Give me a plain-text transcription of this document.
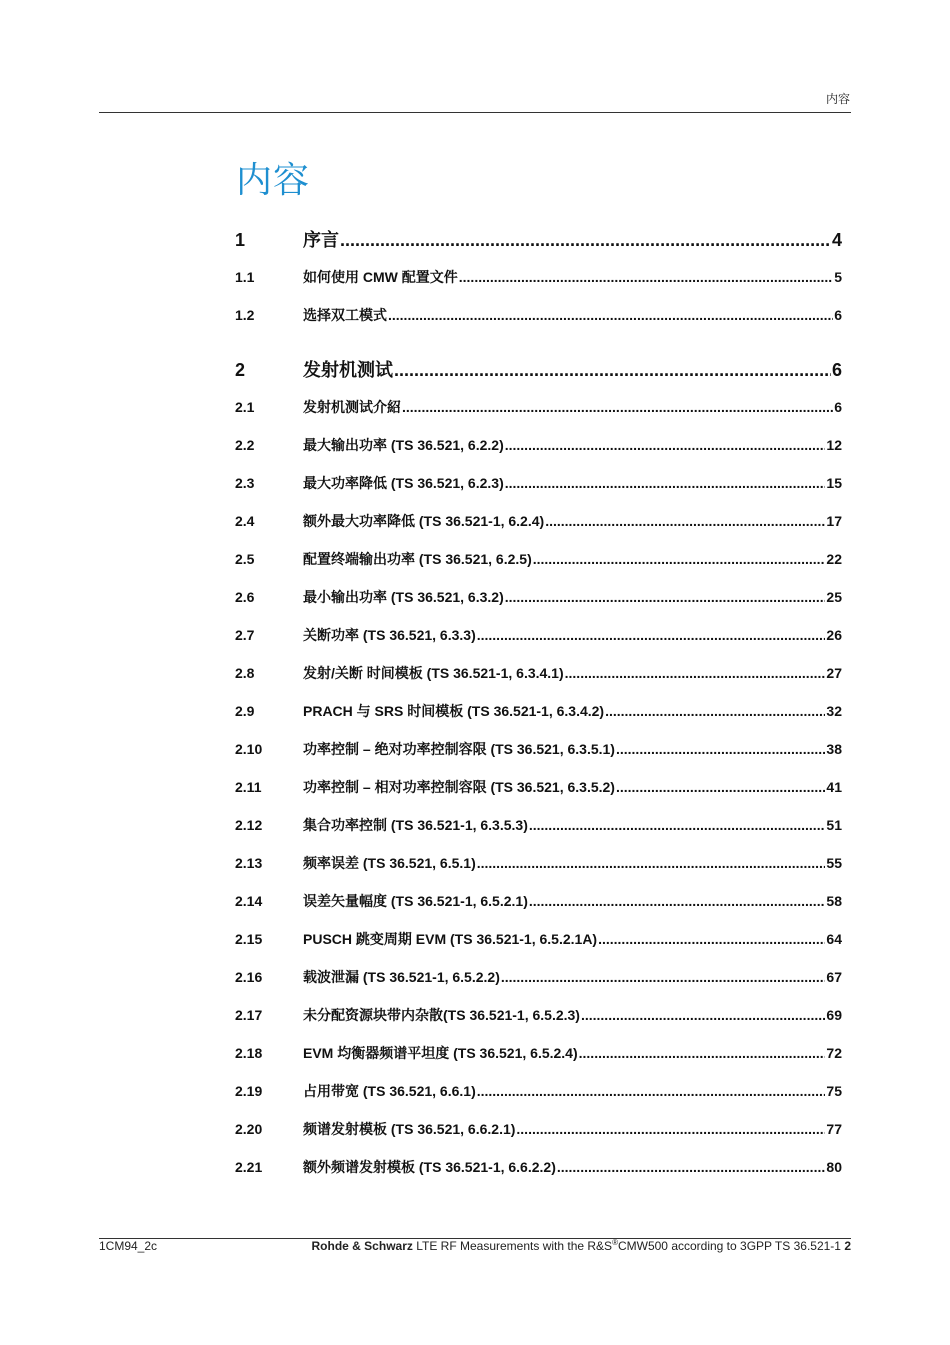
内容
内容
1	序言 .....	4
1.1	如何使用 CMW 配置文件 .....	5
1.2	选择双工模式 .....	6
2	发射机测试 .....	6
2.1	发射机测试介紹 .....	6
2.2	最大输出功率 (TS 36.521, 6.2.2) .....	12
2.3	最大功率降低 (TS 36.521, 6.2.3) .....	15
2.4	额外最大功率降低 (TS 36.521-1, 6.2.4) .....	17
2.5	配置终端输出功率 (TS 36.521, 6.2.5) .....	22
2.6	最小输出功率 (TS 36.521, 6.3.2) .....	25
2.7	关断功率 (TS 36.521, 6.3.3) .....	26
2.8	发射/关断 时间模板 (TS 36.521-1, 6.3.4.1) .....	27
2.9	PRACH 与 SRS 时间模板 (TS 36.521-1, 6.3.4.2) .....	32
2.10	功率控制 – 绝对功率控制容限 (TS 36.521, 6.3.5.1) .....	38
2.11	功率控制 – 相对功率控制容限 (TS 36.521, 6.3.5.2) .....	41
2.12	集合功率控制 (TS 36.521-1, 6.3.5.3) .....	51
2.13	频率误差 (TS 36.521, 6.5.1) .....	55
2.14	误差矢量幅度 (TS 36.521-1, 6.5.2.1) .....	58
2.15	PUSCH 跳变周期 EVM (TS 36.521-1, 6.5.2.1A) .....	64
2.16	载波泄漏 (TS 36.521-1, 6.5.2.2) .....	67
2.17	未分配资源块带内杂散(TS 36.521-1, 6.5.2.3) .....	69
2.18	EVM 均衡器频谱平坦度 (TS 36.521, 6.5.2.4) .....	72
2.19	占用带宽 (TS 36.521, 6.6.1) .....	75
2.20	频谱发射模板 (TS 36.521, 6.6.2.1) .....	77
2.21	额外频谱发射模板 (TS 36.521-1, 6.6.2.2) .....	80
1CM94_2c	Rohde & Schwarz LTE RF Measurements with the R&S®CMW500 according to 3GPP TS 36.521-1 2
